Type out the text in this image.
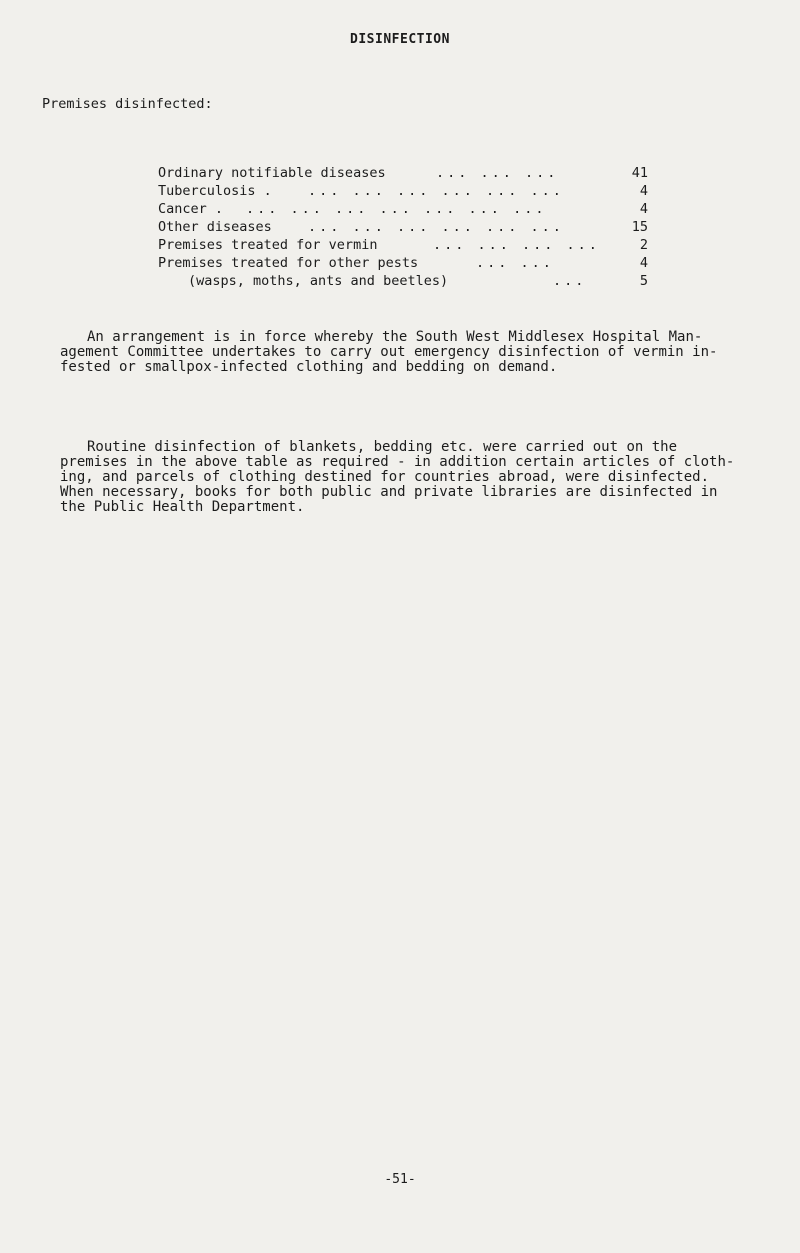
DISINFECTION
Premises disinfected:
Ordinary notifiable diseases	... ... ...	41
Tuberculosis .	... ... ... ... ... ...	4
Cancer . ... ... ... ... ... ... ...	4
Other diseases	... ... ... ... ... ...	15
Premises treated for vermin	... ... ... ...	2
Premises treated for other pests	... ...	4
(wasps, moths, ants and beetles)	...	5
An arrangement is in force whereby the South West Middlesex Hospital Man-
agement Committee undertakes to carry out emergency disinfection of vermin in-
fested or smallpox-infected clothing and bedding on demand.
Routine disinfection of blankets, bedding etc. were carried out on the
premises in the above table as required - in addition certain articles of cloth-
ing, and parcels of clothing destined for countries abroad, were disinfected.
When necessary, books for both public and private libraries are disinfected in
the Public Health Department.
-51-
